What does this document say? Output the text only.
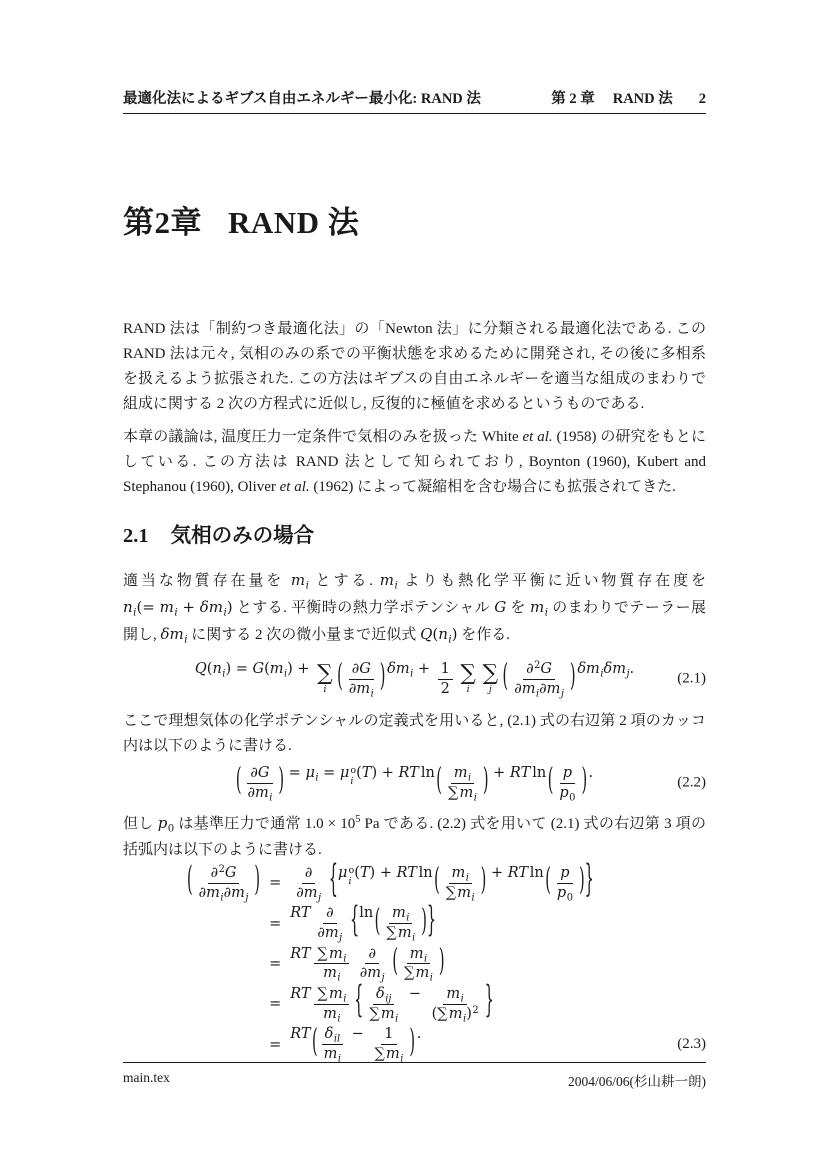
最適化法によるギブス自由エネルギー最小化: RAND 法	第 2 章 RAND 法 2
第2章 RAND 法

RAND 法は「制約つき最適化法」の「Newton 法」に分類される最適化法である. この RAND 法は元々, 気相のみの系での平衡状態を求めるために開発され, その後に多相系を扱えるよう拡張された. この方法はギブスの自由エネルギーを適当な組成のまわりで組成に関する 2 次の方程式に近似し, 反復的に極値を求めるというものである.

本章の議論は, 温度圧力一定条件で気相のみを扱った White et al. (1958) の研究をもとにしている. この方法は RAND 法として知られており, Boynton (1960), Kubert and Stephanou (1960), Oliver et al. (1962) によって凝縮相を含む場合にも拡張されてきた.

2.1 気相のみの場合

適当な物質存在量を m i とする. m i よりも熱化学平衡に近い物質存在度を
n i (= m i + δm i ) とする. 平衡時の熱力学ポテンシャル G を m i のまわりでテーラー展開し, δm i に関する 2 次の微小量まで近似式 Q ( n i ) を作る.

Q ( n i ) = G ( m i ) + ∑
i ( ∂ G
∂ m i ) δm $i + \frac{1}{2}$ ∑
i
∑
j ( ∂ 2 G
∂ m i ∂ m j ) δm i δm j .
(2.1)

ここで理想気体の化学ポテンシャルの定義式を用いると, (2.1) 式の右辺第 2 項のカッコ内は以下のように書ける.

( ∂ G
∂ m i ) = μ i = μ o
i
( T ) + RT ln ( m i
∑ m i ) + RT ln ( p
p 0 ) .
(2.2)

但し p 0 は基準圧力で通常 $1.0 \times 10^5$ Pa である. (2.2) 式を用いて (2.1) 式の右辺第 3 項の括弧内は以下のように書ける.

( ∂ 2 G
∂ m i ∂ m j ) =
∂
∂ m j { μ o
i
( T ) + RT ln ( m i
∑ m i ) + RT ln ( p
p 0 ) }
=
RT ∂
∂ m j { ln ( m i
∑ m i ) }
=
RT ∑ m i
m i
∂
∂ m j ( m i
∑ m i )
=
RT ∑ m i
m i { δ ij
∑ m i
− $\frac{\text{m i}}{\text{( ∑ m i ) 2}}$ }
=
RT ( δ il
m i
− $\frac{1}{\text{∑ m i}}$ ) .
(2.3)
main.tex	2004/06/06(杉山耕一朗)
